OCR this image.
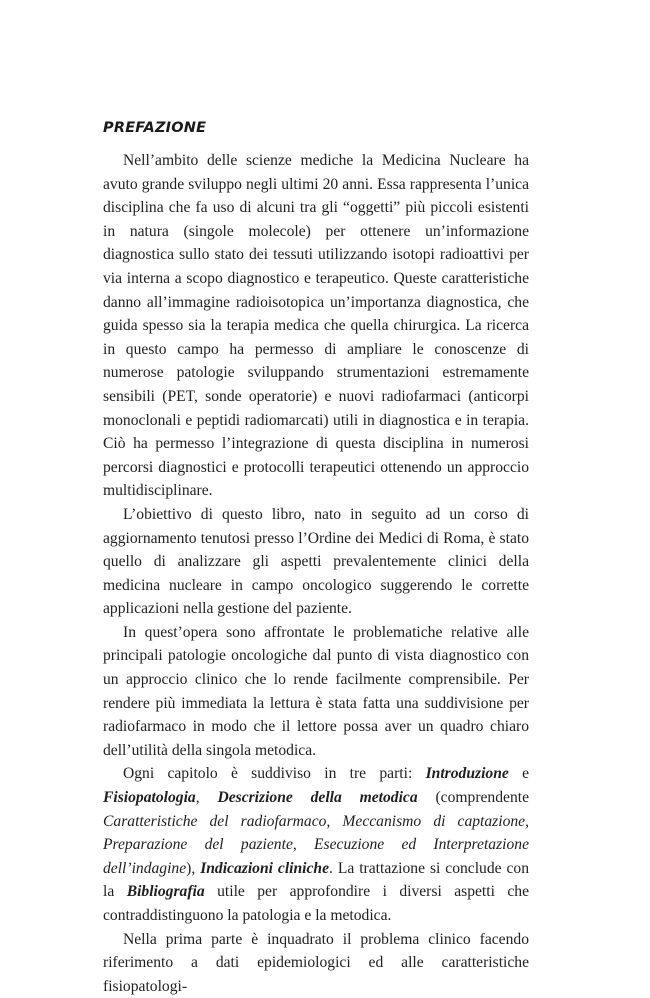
PREFAZIONE

Nell’ambito delle scienze mediche la Medicina Nucleare ha avuto grande sviluppo negli ultimi 20 anni. Essa rappresenta l’unica disciplina che fa uso di alcuni tra gli “oggetti” più piccoli esistenti in natura (singole molecole) per ottenere un’informazione diagnostica sullo stato dei tessuti utilizzando isotopi radioattivi per via interna a scopo diagnostico e terapeutico. Queste caratteristiche danno all’immagine radioisotopica un’importanza diagnostica, che guida spesso sia la terapia medica che quella chirurgica. La ricerca in questo campo ha permesso di ampliare le conoscenze di numerose patologie sviluppando strumentazioni estremamente sensibili (PET, sonde operatorie) e nuovi radiofarmaci (anticorpi monoclonali e peptidi radiomarcati) utili in diagnostica e in terapia. Ciò ha permesso l’integrazione di questa disciplina in numerosi percorsi diagnostici e protocolli terapeutici ottenendo un approccio multidisciplinare.

L’obiettivo di questo libro, nato in seguito ad un corso di aggiornamento tenutosi presso l’Ordine dei Medici di Roma, è stato quello di analizzare gli aspetti prevalentemente clinici della medicina nucleare in campo oncologico suggerendo le corrette applicazioni nella gestione del paziente.

In quest’opera sono affrontate le problematiche relative alle principali patologie oncologiche dal punto di vista diagnostico con un approccio clinico che lo rende facilmente comprensibile. Per rendere più immediata la lettura è stata fatta una suddivisione per radiofarmaco in modo che il lettore possa aver un quadro chiaro dell’utilità della singola metodica.

Ogni capitolo è suddiviso in tre parti: Introduzione e Fisiopatologia, Descrizione della metodica (comprendente Caratteristiche del radiofarmaco, Meccanismo di captazione, Preparazione del paziente, Esecuzione ed Interpretazione dell’indagine), Indicazioni cliniche. La trattazione si conclude con la Bibliografia utile per approfondire i diversi aspetti che contraddistinguono la patologia e la metodica.

Nella prima parte è inquadrato il problema clinico facendo riferimento a dati epidemiologici ed alle caratteristiche fisiopatologi-
